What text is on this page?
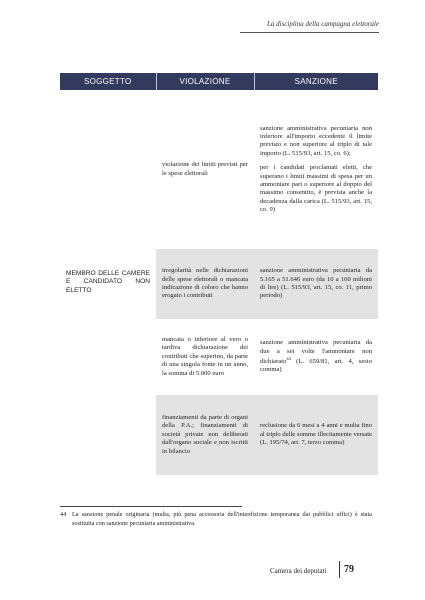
La disciplina della campagna elettorale
SOGGETTO	VIOLAZIONE	SANZIONE
MEMBRO DELLE CAMERE E CANDIDATO NON ELETTO	violazione dei limiti previsti per le spese elettorali	sanzione amministrativa pecuniaria non inferiore all'importo eccedente il limite previsto e non superiore al triplo di tale importo (L. 515/93, art. 15, co. 6);

per i candidati proclamati eletti, che superano i limiti massimi di spesa per un ammontare pari o superiore al doppio del massimo consentito, è prevista anche la decadenza dalla carica (L. 515/93, art. 15, co. 9)

	irregolarità nelle dichiarazioni delle spese elettorali o mancata indicazione di coloro che hanno erogato i contributi	sanzione amministrativa pecuniaria da 5.165 a 51.646 euro (da 10 a 100 milioni di lire) (L. 515/93, art. 15, co. 11, primo periodo)
	mancata o inferiore al vero o tardiva dichiarazione dei contributi che superino, da parte di una singola fonte in un anno, la somma di 5.000 euro	sanzione amministrativa pecuniaria da due a sei volte l'ammontare non dichiarato$^{44}$ (L. 659/81, art. 4, sesto comma)
	finanziamenti da parte di organi della P.A.; finanziamenti di società private non deliberati dall'organo sociale e non iscritti in bilancio	reclusione da 6 mesi a 4 anni e multa fino al triplo delle somme illecitamente versate (L. 195/74, art. 7, terzo comma)
44 La sanzione penale originaria (multa, più pena accessoria dell'interdizione temporanea dai pubblici uffici) è stata sostituita con sanzione pecuniaria amministrativa.
Camera dei deputati 79
